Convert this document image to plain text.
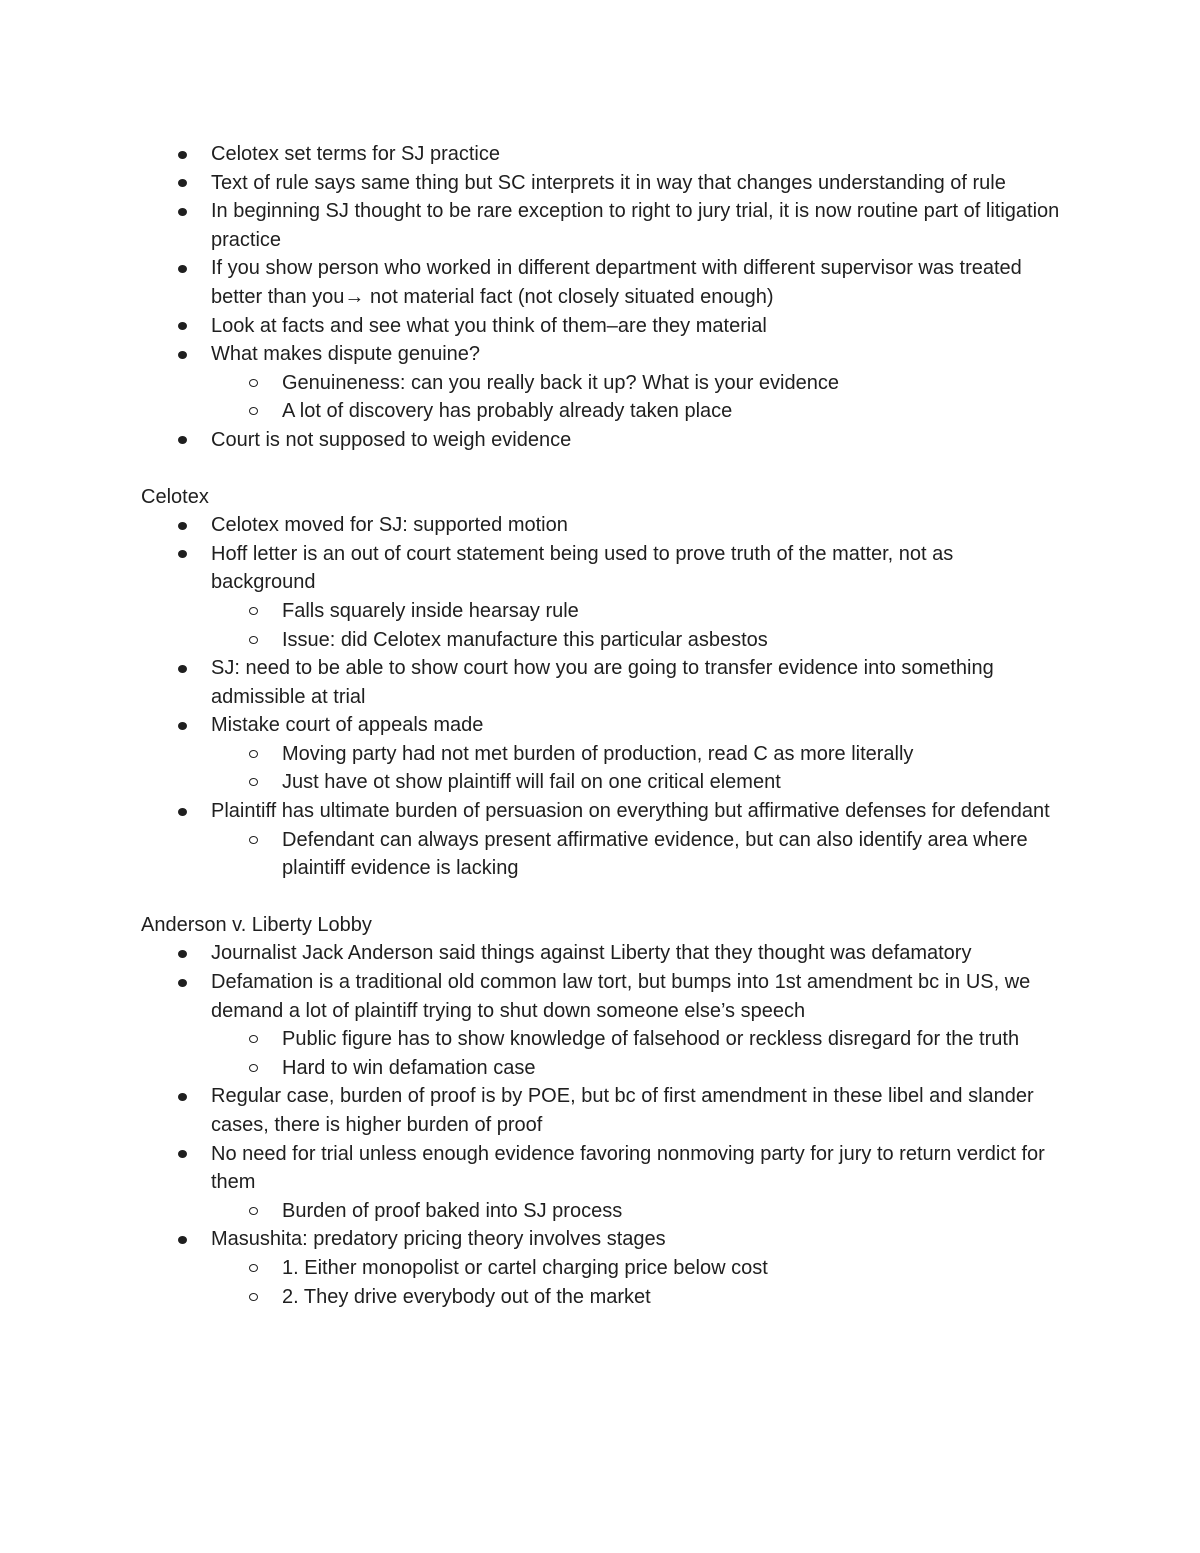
Celotex set terms for SJ practice
Text of rule says same thing but SC interprets it in way that changes understanding of rule
In beginning SJ thought to be rare exception to right to jury trial, it is now routine part of litigation practice
If you show person who worked in different department with different supervisor was treated better than you→ not material fact (not closely situated enough)
Look at facts and see what you think of them–are they material
What makes dispute genuine?
Genuineness: can you really back it up? What is your evidence
A lot of discovery has probably already taken place
Court is not supposed to weigh evidence
Celotex
Celotex moved for SJ: supported motion
Hoff letter is an out of court statement being used to prove truth of the matter, not as background
Falls squarely inside hearsay rule
Issue: did Celotex manufacture this particular asbestos
SJ: need to be able to show court how you are going to transfer evidence into something admissible at trial
Mistake court of appeals made
Moving party had not met burden of production, read C as more literally
Just have ot show plaintiff will fail on one critical element
Plaintiff has ultimate burden of persuasion on everything but affirmative defenses for defendant
Defendant can always present affirmative evidence, but can also identify area where plaintiff evidence is lacking
Anderson v. Liberty Lobby
Journalist Jack Anderson said things against Liberty that they thought was defamatory
Defamation is a traditional old common law tort, but bumps into 1st amendment bc in US, we demand a lot of plaintiff trying to shut down someone else’s speech
Public figure has to show knowledge of falsehood or reckless disregard for the truth
Hard to win defamation case
Regular case, burden of proof is by POE, but bc of first amendment in these libel and slander cases, there is higher burden of proof
No need for trial unless enough evidence favoring nonmoving party for jury to return verdict for them
Burden of proof baked into SJ process
Masushita: predatory pricing theory involves stages
1. Either monopolist or cartel charging price below cost
2. They drive everybody out of the market
